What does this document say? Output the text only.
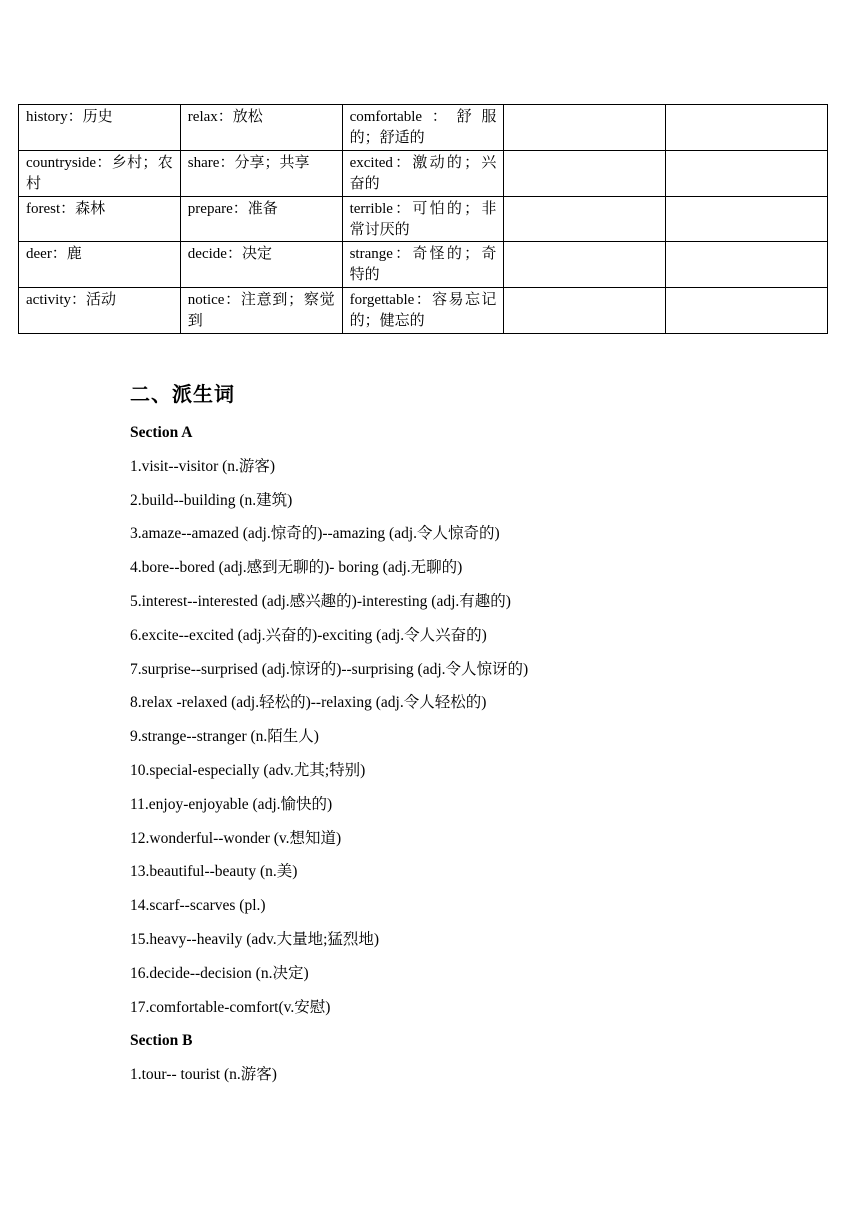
history：历史	relax：放松	comfortable：舒服的；舒适的		
countryside：乡村；农村	share：分享；共享	excited：激动的；兴奋的		
forest：森林	prepare：准备	terrible：可怕的；非常讨厌的		
deer：鹿	decide：决定	strange：奇怪的；奇特的		
activity：活动	notice：注意到；察觉到	forgettable：容易忘记的；健忘的		
二、派生词
Section A
1.visit--visitor (n.游客)
2.build--building (n.建筑)
3.amaze--amazed (adj.惊奇的)--amazing (adj.令人惊奇的)
4.bore--bored (adj.感到无聊的)- boring (adj.无聊的)
5.interest--interested (adj.感兴趣的)-interesting (adj.有趣的)
6.excite--excited (adj.兴奋的)-exciting (adj.令人兴奋的)
7.surprise--surprised (adj.惊讶的)--surprising (adj.令人惊讶的)
8.relax -relaxed (adj.轻松的)--relaxing (adj.令人轻松的)
9.strange--stranger (n.陌生人)
10.special-especially (adv.尤其;特别)
11.enjoy-enjoyable (adj.愉快的)
12.wonderful--wonder (v.想知道)
13.beautiful--beauty (n.美)
14.scarf--scarves (pl.)
15.heavy--heavily (adv.大量地;猛烈地)
16.decide--decision (n.决定)
17.comfortable-comfort(v.安慰)
Section B
1.tour-- tourist (n.游客)
